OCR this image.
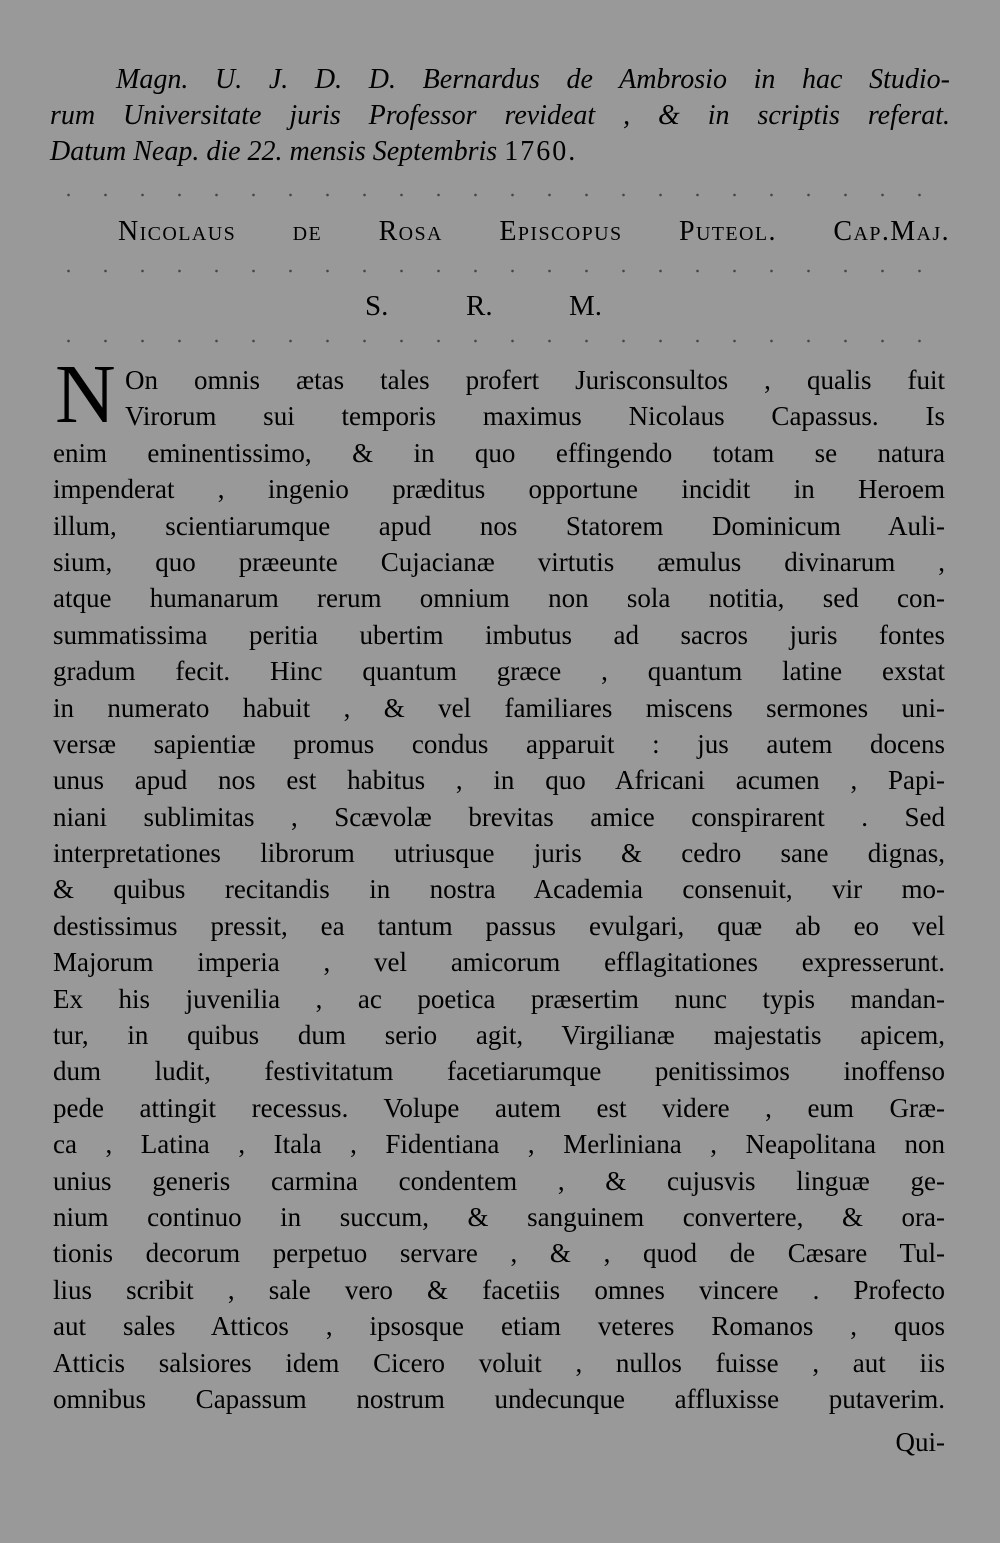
Magn. U. J. D. D. Bernardus de Ambrosio in hac Studio-
rum Universitate juris Professor revideat , & in scriptis referat.
Datum Neap. die 22. mensis Septembris 1760.
Nicolaus de Rosa Episcopus Puteol. Cap.Maj.
S.	R.	M.
N On omnis ætas tales profert Jurisconsultos , qualis fuit
Virorum sui temporis maximus Nicolaus Capassus. Is
enim eminentissimo, & in quo effingendo totam se natura
impenderat , ingenio præditus opportune incidit in Heroem
illum, scientiarumque apud nos Statorem Dominicum Auli-
sium, quo præeunte Cujacianæ virtutis æmulus divinarum ,
atque humanarum rerum omnium non sola notitia, sed con-
summatissima peritia ubertim imbutus ad sacros juris fontes
gradum fecit. Hinc quantum græce , quantum latine exstat
in numerato habuit , & vel familiares miscens sermones uni-
versæ sapientiæ promus condus apparuit : jus autem docens
unus apud nos est habitus , in quo Africani acumen , Papi-
niani sublimitas , Scævolæ brevitas amice conspirarent . Sed
interpretationes librorum utriusque juris & cedro sane dignas,
& quibus recitandis in nostra Academia consenuit, vir mo-
destissimus pressit, ea tantum passus evulgari, quæ ab eo vel
Majorum imperia , vel amicorum efflagitationes expresserunt.
Ex his juvenilia , ac poetica præsertim nunc typis mandan-
tur, in quibus dum serio agit, Virgilianæ majestatis apicem,
dum ludit, festivitatum facetiarumque penitissimos inoffenso
pede attingit recessus. Volupe autem est videre , eum Græ-
ca , Latina , Itala , Fidentiana , Merliniana , Neapolitana non
unius generis carmina condentem , & cujusvis linguæ ge-
nium continuo in succum, & sanguinem convertere, & ora-
tionis decorum perpetuo servare , & , quod de Cæsare Tul-
lius scribit , sale vero & facetiis omnes vincere . Profecto
aut sales Atticos , ipsosque etiam veteres Romanos , quos
Atticis salsiores idem Cicero voluit , nullos fuisse , aut iis
omnibus Capassum nostrum undecunque affluxisse putaverim.
Qui-
